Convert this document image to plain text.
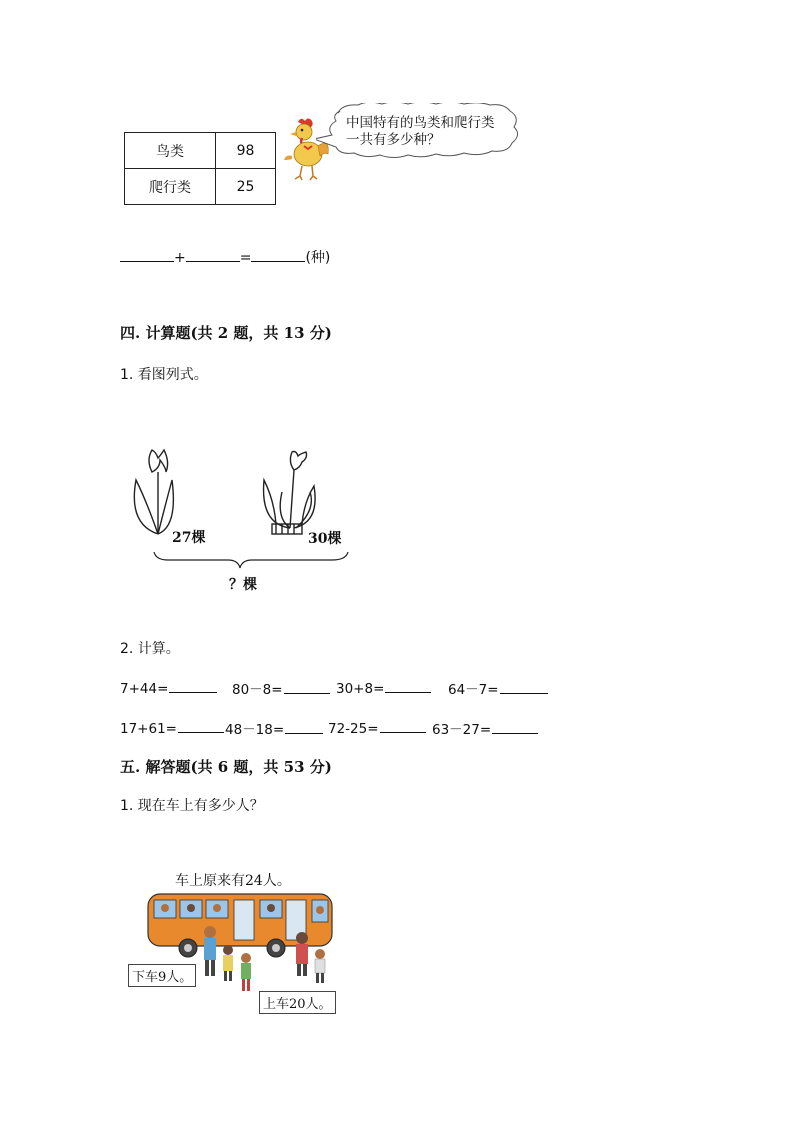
鸟类	98
爬行类	25
中国特有的鸟类和爬行类
一共有多少种？
+	=	(种)
四. 计算题(共 2 题，共 13 分)
1. 看图列式。
27棵	30棵
？棵
2. 计算。
7+44=	80－8=	30+8=	64－7=
17+61=	48－18=	72-25=	63－27=
五. 解答题(共 6 题，共 53 分)
1. 现在车上有多少人？
车上原来有24人。
下车9人。
上车20人。
